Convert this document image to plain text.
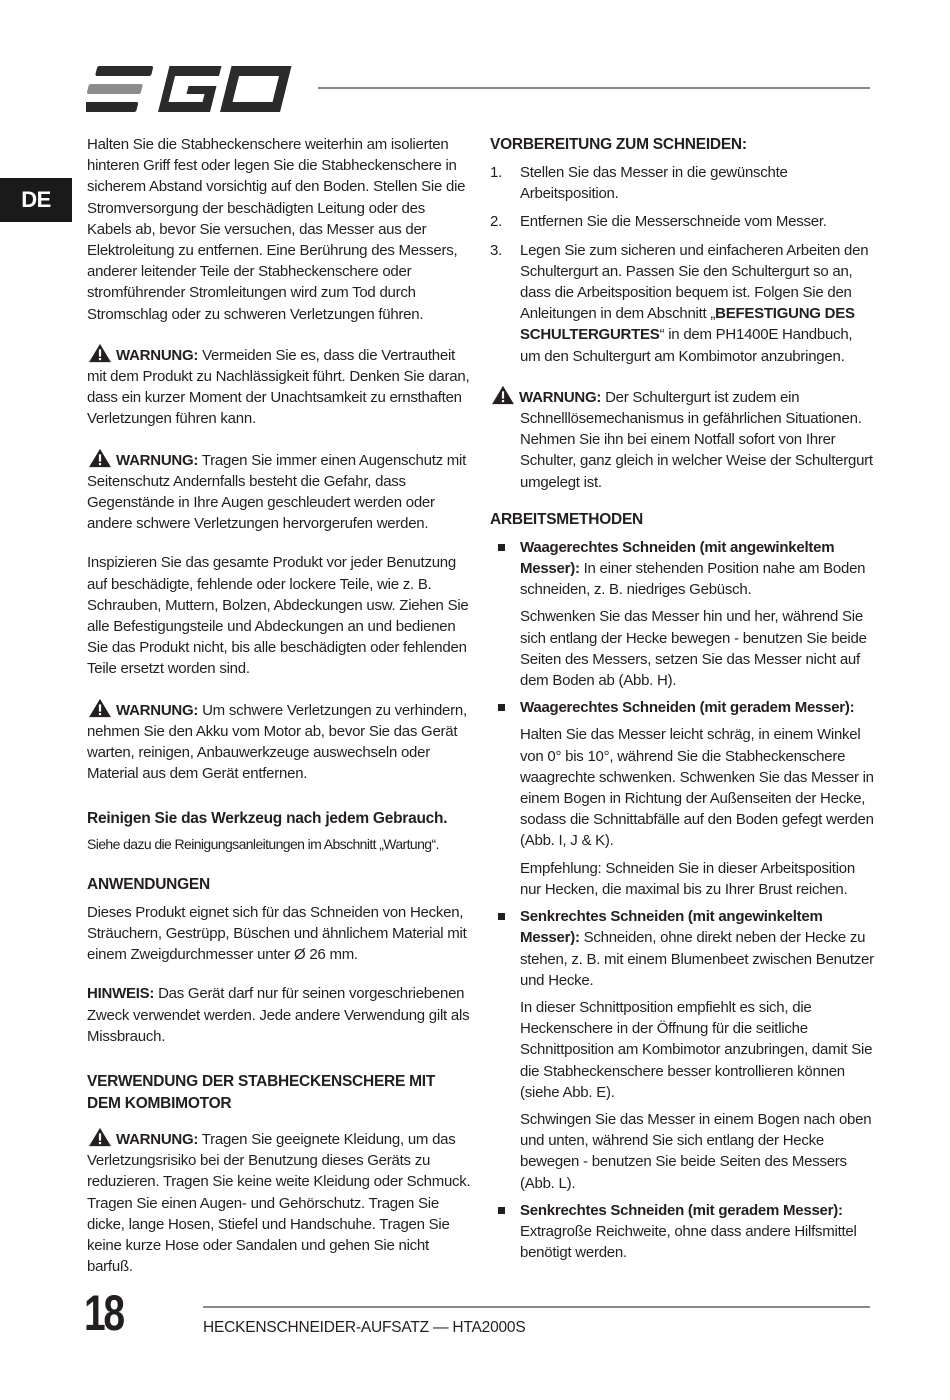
DE

Halten Sie die Stabheckenschere weiterhin am isolierten hinteren Griff fest oder legen Sie die Stabheckenschere in sicherem Abstand vorsichtig auf den Boden. Stellen Sie die Stromversorgung der beschädigten Leitung oder des Kabels ab, bevor Sie versuchen, das Messer aus der Elektroleitung zu entfernen. Eine Berührung des Messers, anderer leitender Teile der Stabheckenschere oder stromführender Stromleitungen wird zum Tod durch Stromschlag oder zu schweren Verletzungen führen.

WARNUNG: Vermeiden Sie es, dass die Vertrautheit mit dem Produkt zu Nachlässigkeit führt. Denken Sie daran, dass ein kurzer Moment der Unachtsamkeit zu ernsthaften Verletzungen führen kann.

WARNUNG: Tragen Sie immer einen Augenschutz mit Seitenschutz Andernfalls besteht die Gefahr, dass Gegenstände in Ihre Augen geschleudert werden oder andere schwere Verletzungen hervorgerufen werden.

Inspizieren Sie das gesamte Produkt vor jeder Benutzung auf beschädigte, fehlende oder lockere Teile, wie z. B. Schrauben, Muttern, Bolzen, Abdeckungen usw. Ziehen Sie alle Befestigungsteile und Abdeckungen an und bedienen Sie das Produkt nicht, bis alle beschädigten oder fehlenden Teile ersetzt worden sind.

WARNUNG: Um schwere Verletzungen zu verhindern, nehmen Sie den Akku vom Motor ab, bevor Sie das Gerät warten, reinigen, Anbauwerkzeuge auswechseln oder Material aus dem Gerät entfernen.

Reinigen Sie das Werkzeug nach jedem Gebrauch.

Siehe dazu die Reinigungsanleitungen im Abschnitt „Wartung“.

ANWENDUNGEN

Dieses Produkt eignet sich für das Schneiden von Hecken, Sträuchern, Gestrüpp, Büschen und ähnlichem Material mit einem Zweigdurchmesser unter Ø 26 mm.

HINWEIS: Das Gerät darf nur für seinen vorgeschriebenen Zweck verwendet werden. Jede andere Verwendung gilt als Missbrauch.

VERWENDUNG DER STABHECKENSCHERE MIT DEM KOMBIMOTOR

WARNUNG: Tragen Sie geeignete Kleidung, um das Verletzungsrisiko bei der Benutzung dieses Geräts zu reduzieren. Tragen Sie keine weite Kleidung oder Schmuck. Tragen Sie einen Augen- und Gehörschutz. Tragen Sie dicke, lange Hosen, Stiefel und Handschuhe. Tragen Sie keine kurze Hose oder Sandalen und gehen Sie nicht barfuß.

VORBEREITUNG ZUM SCHNEIDEN:

1. Stellen Sie das Messer in die gewünschte Arbeitsposition.
2. Entfernen Sie die Messerschneide vom Messer.
3. Legen Sie zum sicheren und einfacheren Arbeiten den Schultergurt an. Passen Sie den Schultergurt so an, dass die Arbeitsposition bequem ist. Folgen Sie den Anleitungen in dem Abschnitt „BEFESTIGUNG DES SCHULTERGURTES“ in dem PH1400E Handbuch, um den Schultergurt am Kombimotor anzubringen.

WARNUNG: Der Schultergurt ist zudem ein Schnelllösemechanismus in gefährlichen Situationen. Nehmen Sie ihn bei einem Notfall sofort von Ihrer Schulter, ganz gleich in welcher Weise der Schultergurt umgelegt ist.

ARBEITSMETHODEN

Waagerechtes Schneiden (mit angewinkeltem Messer): In einer stehenden Position nahe am Boden schneiden, z. B. niedriges Gebüsch.

Schwenken Sie das Messer hin und her, während Sie sich entlang der Hecke bewegen - benutzen Sie beide Seiten des Messers, setzen Sie das Messer nicht auf dem Boden ab (Abb. H).

Waagerechtes Schneiden (mit geradem Messer):

Halten Sie das Messer leicht schräg, in einem Winkel von 0° bis 10°, während Sie die Stabheckenschere waagrechte schwenken. Schwenken Sie das Messer in einem Bogen in Richtung der Außenseiten der Hecke, sodass die Schnittabfälle auf den Boden gefegt werden (Abb. I, J & K).

Empfehlung: Schneiden Sie in dieser Arbeitsposition nur Hecken, die maximal bis zu Ihrer Brust reichen.

Senkrechtes Schneiden (mit angewinkeltem Messer): Schneiden, ohne direkt neben der Hecke zu stehen, z. B. mit einem Blumenbeet zwischen Benutzer und Hecke.

In dieser Schnittposition empfiehlt es sich, die Heckenschere in der Öffnung für die seitliche Schnittposition am Kombimotor anzubringen, damit Sie die Stabheckenschere besser kontrollieren können (siehe Abb. E).

Schwingen Sie das Messer in einem Bogen nach oben und unten, während Sie sich entlang der Hecke bewegen - benutzen Sie beide Seiten des Messers (Abb. L).

Senkrechtes Schneiden (mit geradem Messer): Extragroße Reichweite, ohne dass andere Hilfsmittel benötigt werden.

18	HECKENSCHNEIDER-AUFSATZ — HTA2000S
